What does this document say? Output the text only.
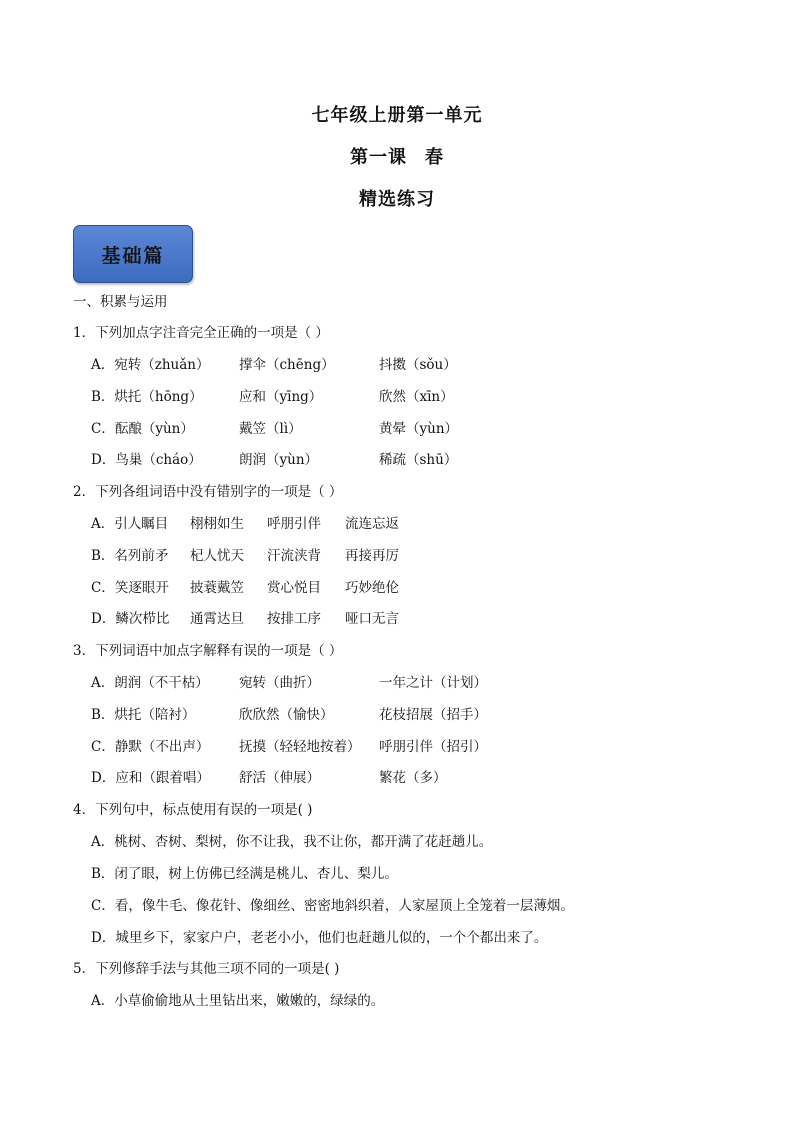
七年级上册第一单元
第一课 春
精选练习
基础篇
一、积累与运用
1．下列加点字注音完全正确的一项是（ ）
A．宛转（zhuǎn） 撑伞（chēng）	抖擞（sǒu）
B．烘托（hōng）	应和（yīng）	欣然（xīn）
C．酝酿（yùn）	戴笠（lì）	黄晕（yùn）
D．鸟巢（cháo）	朗润（yùn）	稀疏（shū）
2．下列各组词语中没有错别字的一项是（ ）
A．引人瞩目 栩栩如生 呼朋引伴 流连忘返
B．名列前矛 杞人忧天 汗流浃背 再接再厉
C．笑逐眼开 披蓑戴笠 赏心悦目 巧妙绝伦
D．鳞次栉比 通霄达旦 按排工序 哑口无言
3．下列词语中加点字解释有误的一项是（ ）
A．朗润（不干枯） 宛转（曲折）	一年之计（计划）
B．烘托（陪衬）	欣欣然（愉快）	花枝招展（招手）
C．静默（不出声） 抚摸（轻轻地按着） 呼朋引伴（招引）
D．应和（跟着唱） 舒活（伸展）	繁花（多）
4．下列句中，标点使用有误的一项是( )
A．桃树、杏树、梨树，你不让我，我不让你，都开满了花赶趟儿。
B．闭了眼，树上仿佛已经满是桃儿、杏儿、梨儿。
C．看，像牛毛、像花针、像细丝、密密地斜织着，人家屋顶上全笼着一层薄烟。
D．城里乡下，家家户户，老老小小，他们也赶趟儿似的，一个个都出来了。
5．下列修辞手法与其他三项不同的一项是( )
A．小草偷偷地从土里钻出来，嫩嫩的，绿绿的。
